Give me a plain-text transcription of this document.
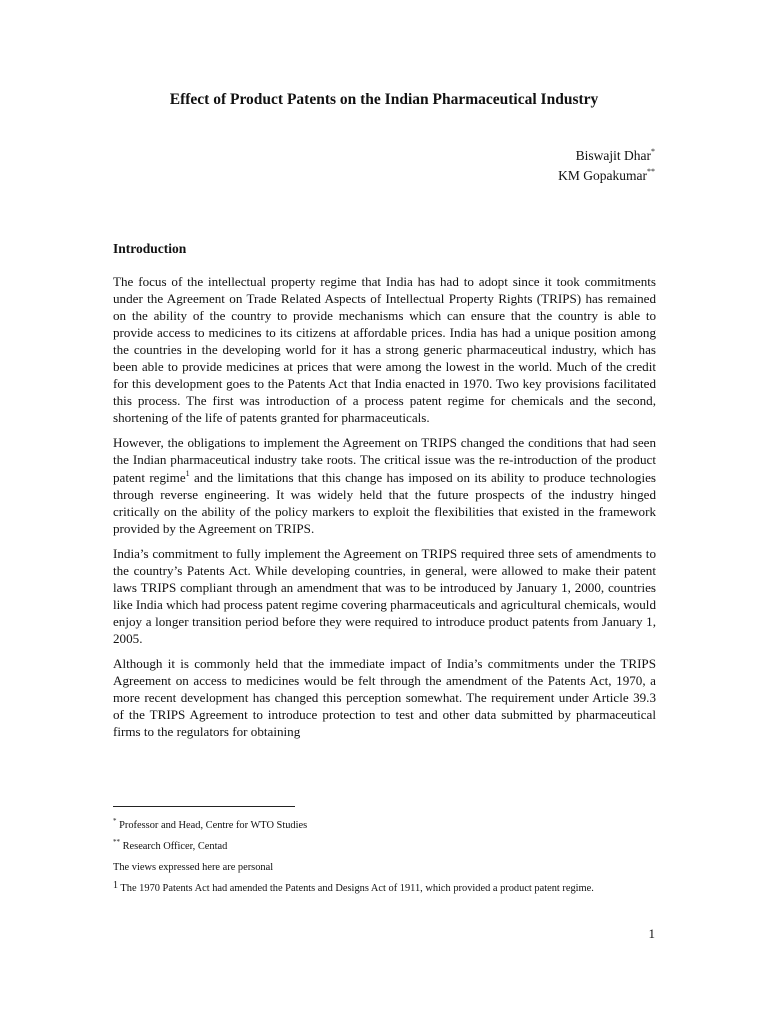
Effect of Product Patents on the Indian Pharmaceutical Industry
Biswajit Dhar*
KM Gopakumar**
Introduction

The focus of the intellectual property regime that India has had to adopt since it took commitments under the Agreement on Trade Related Aspects of Intellectual Property Rights (TRIPS) has remained on the ability of the country to provide mechanisms which can ensure that the country is able to provide access to medicines to its citizens at affordable prices. India has had a unique position among the countries in the developing world for it has a strong generic pharmaceutical industry, which has been able to provide medicines at prices that were among the lowest in the world. Much of the credit for this development goes to the Patents Act that India enacted in 1970. Two key provisions facilitated this process. The first was introduction of a process patent regime for chemicals and the second, shortening of the life of patents granted for pharmaceuticals.

However, the obligations to implement the Agreement on TRIPS changed the conditions that had seen the Indian pharmaceutical industry take roots. The critical issue was the re-introduction of the product patent regime$^1$ and the limitations that this change has imposed on its ability to produce technologies through reverse engineering. It was widely held that the future prospects of the industry hinged critically on the ability of the policy markers to exploit the flexibilities that existed in the framework provided by the Agreement on TRIPS.

India’s commitment to fully implement the Agreement on TRIPS required three sets of amendments to the country’s Patents Act. While developing countries, in general, were allowed to make their patent laws TRIPS compliant through an amendment that was to be introduced by January 1, 2000, countries like India which had process patent regime covering pharmaceuticals and agricultural chemicals, would enjoy a longer transition period before they were required to introduce product patents from January 1, 2005.

Although it is commonly held that the immediate impact of India’s commitments under the TRIPS Agreement on access to medicines would be felt through the amendment of the Patents Act, 1970, a more recent development has changed this perception somewhat. The requirement under Article 39.3 of the TRIPS Agreement to introduce protection to test and other data submitted by pharmaceutical firms to the regulators for obtaining

* Professor and Head, Centre for WTO Studies
** Research Officer, Centad
The views expressed here are personal
1 The 1970 Patents Act had amended the Patents and Designs Act of 1911, which provided a product patent regime.
1
